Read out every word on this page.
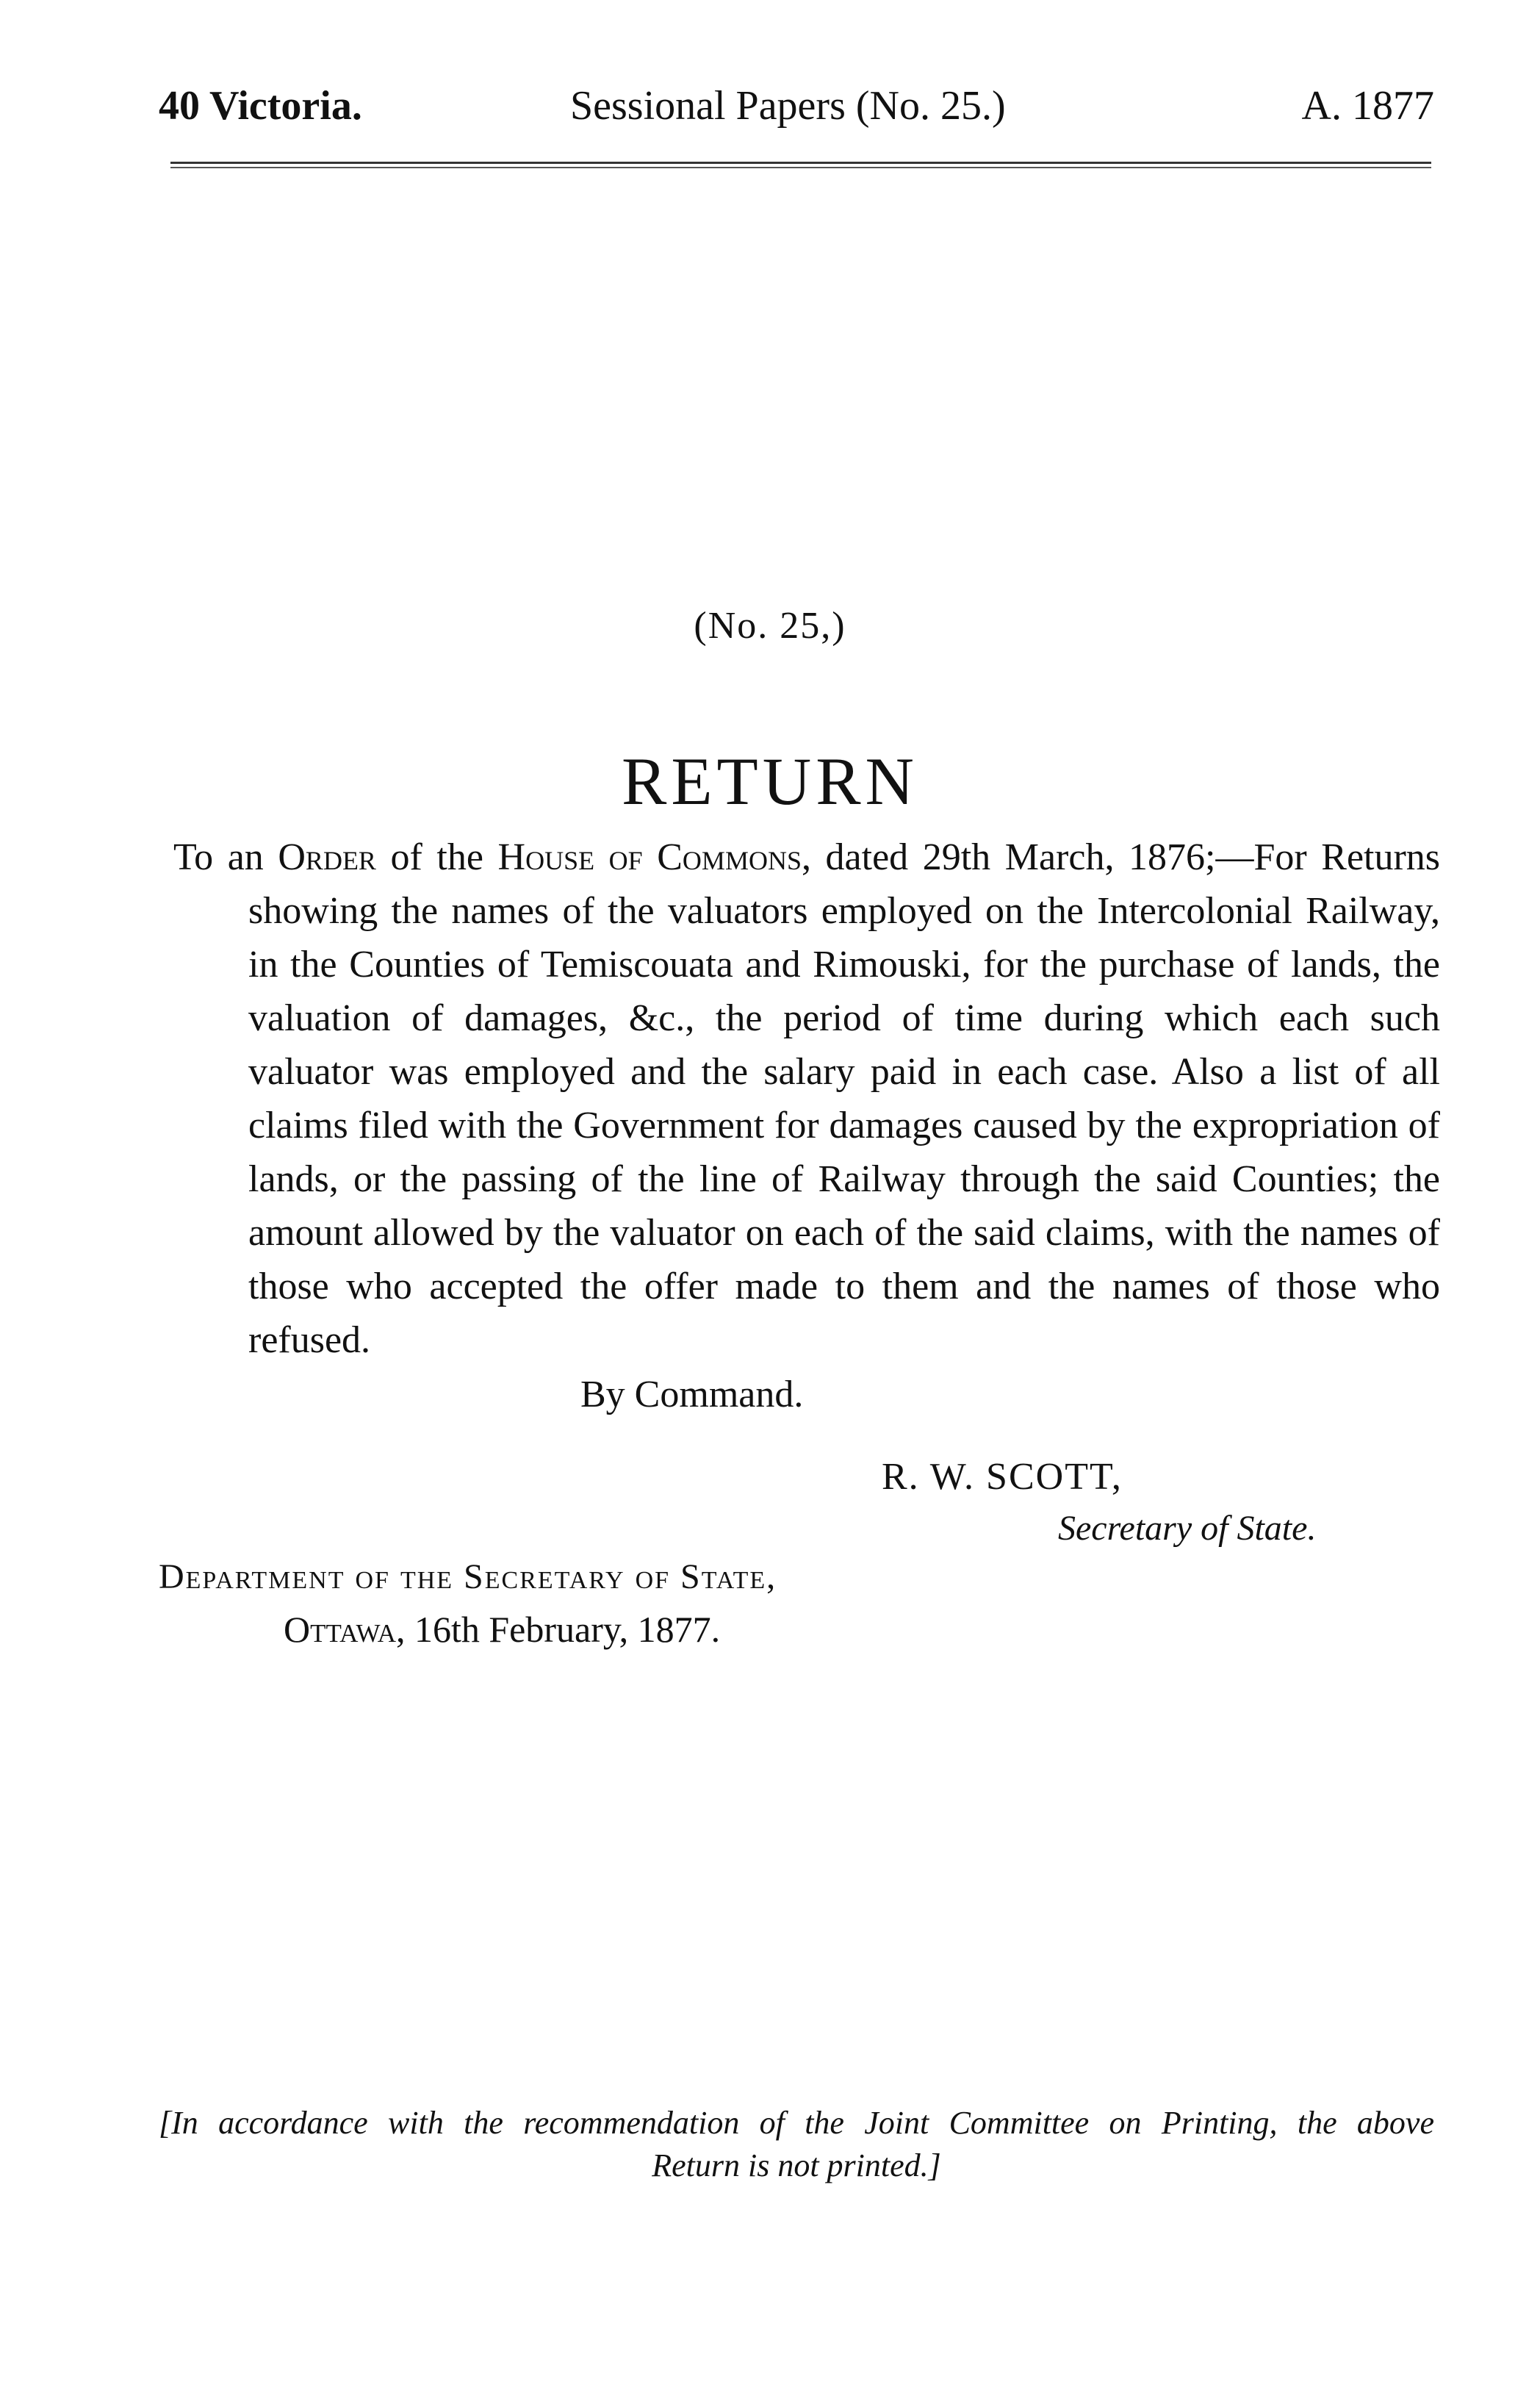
40 Victoria.	Sessional Papers (No. 25.)	A. 1877
(No. 25,)
RETURN
To an Order of the House of Commons, dated 29th March, 1876;—For Returns showing the names of the valuators employed on the Intercolonial Railway, in the Counties of Temiscouata and Rimouski, for the purchase of lands, the valuation of damages, &c., the period of time during which each such valuator was employed and the salary paid in each case. Also a list of all claims filed with the Government for damages caused by the expropriation of lands, or the passing of the line of Railway through the said Counties; the amount allowed by the valuator on each of the said claims, with the names of those who accepted the offer made to them and the names of those who refused.
By Command.
R. W. SCOTT,
Secretary of State.
Department of the Secretary of State,
Ottawa, 16th February, 1877.
[In accordance with the recommendation of the Joint Committee on Printing, the above
Return is not printed.]
